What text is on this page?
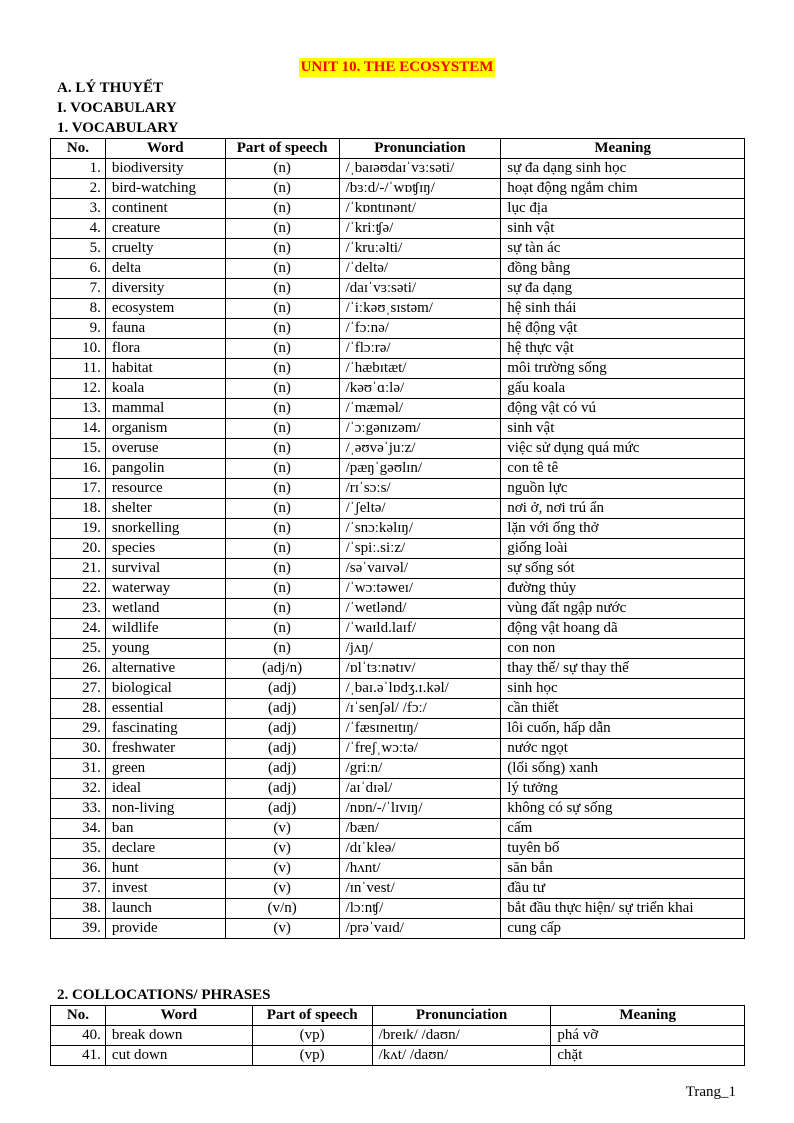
UNIT 10. THE ECOSYSTEM
A. LÝ THUYẾT
I. VOCABULARY
1. VOCABULARY
No.	Word	Part of speech	Pronunciation	Meaning
1.	biodiversity	(n)	/ˌbaɪəʊdaɪˈvɜːsəti/	sự đa dạng sinh học
2.	bird-watching	(n)	/bɜːd/-/ˈwɒʧɪŋ/	hoạt động ngắm chim
3.	continent	(n)	/ˈkɒntɪnənt/	lục địa
4.	creature	(n)	/ˈkriːʧə/	sinh vật
5.	cruelty	(n)	/ˈkruːəlti/	sự tàn ác
6.	delta	(n)	/ˈdeltə/	đồng bằng
7.	diversity	(n)	/daɪˈvɜːsəti/	sự đa dạng
8.	ecosystem	(n)	/ˈiːkəʊˌsɪstəm/	hệ sinh thái
9.	fauna	(n)	/ˈfɔːnə/	hệ động vật
10.	flora	(n)	/ˈflɔːrə/	hệ thực vật
11.	habitat	(n)	/ˈhæbɪtæt/	môi trường sống
12.	koala	(n)	/kəʊˈɑːlə/	gấu koala
13.	mammal	(n)	/ˈmæməl/	động vật có vú
14.	organism	(n)	/ˈɔːgənɪzəm/	sinh vật
15.	overuse	(n)	/ˌəʊvəˈjuːz/	việc sử dụng quá mức
16.	pangolin	(n)	/pæŋˈgəʊlɪn/	con tê tê
17.	resource	(n)	/rɪˈsɔːs/	nguồn lực
18.	shelter	(n)	/ˈʃeltə/	nơi ở, nơi trú ẩn
19.	snorkelling	(n)	/ˈsnɔːkəlɪŋ/	lặn với ống thở
20.	species	(n)	/ˈspiː.siːz/	giống loài
21.	survival	(n)	/səˈvaɪvəl/	sự sống sót
22.	waterway	(n)	/ˈwɔːtəweɪ/	đường thủy
23.	wetland	(n)	/ˈwetlənd/	vùng đất ngập nước
24.	wildlife	(n)	/ˈwaɪld.laɪf/	động vật hoang dã
25.	young	(n)	/jʌŋ/	con non
26.	alternative	(adj/n)	/ɒlˈtɜːnətɪv/	thay thế/ sự thay thế
27.	biological	(adj)	/ˌbaɪ.əˈlɒdʒ.ɪ.kəl/	sinh học
28.	essential	(adj)	/ɪˈsenʃəl/ /fɔː/	cần thiết
29.	fascinating	(adj)	/ˈfæsɪneɪtɪŋ/	lôi cuốn, hấp dẫn
30.	freshwater	(adj)	/ˈfreʃˌwɔːtə/	nước ngọt
31.	green	(adj)	/griːn/	(lối sống) xanh
32.	ideal	(adj)	/aɪˈdɪəl/	lý tưởng
33.	non-living	(adj)	/nɒn/-/ˈlɪvɪŋ/	không có sự sống
34.	ban	(v)	/bæn/	cấm
35.	declare	(v)	/dɪˈkleə/	tuyên bố
36.	hunt	(v)	/hʌnt/	săn bắn
37.	invest	(v)	/ɪnˈvest/	đầu tư
38.	launch	(v/n)	/lɔːnʧ/	bắt đầu thực hiện/ sự triển khai
39.	provide	(v)	/prəˈvaɪd/	cung cấp
2. COLLOCATIONS/ PHRASES
No.	Word	Part of speech	Pronunciation	Meaning
40.	break down	(vp)	/breɪk/ /daʊn/	phá vỡ
41.	cut down	(vp)	/kʌt/ /daʊn/	chặt
Trang_1
